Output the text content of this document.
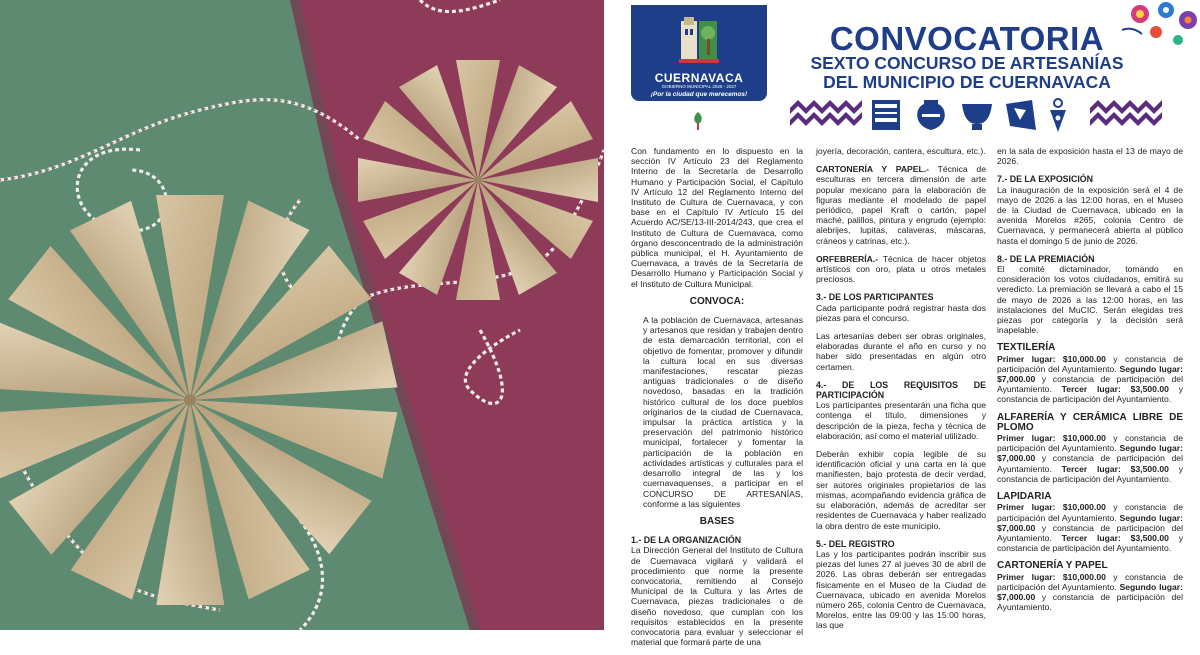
CUERNAVACA
GOBIERNO MUNICIPAL 2025 - 2027
¡Por la ciudad que merecemos!
CONVOCATORIA
SEXTO CONCURSO DE ARTESANÍAS
DEL MUNICIPIO DE CUERNAVACA

Con fundamento en lo dispuesto en la sección IV Artículo 23 del Reglamento Interno de la Secretaría de Desarrollo Humano y Participación Social, el Capítulo IV Artículo 12 del Reglamento Interno del Instituto de Cultura de Cuernavaca, y con base en el Capítulo IV Artículo 15 del Acuerdo AC/SE/13-III-2014/243, que crea el Instituto de Cultura de Cuernavaca, como órgano desconcentrado de la administración pública municipal, el H. Ayuntamiento de Cuernavaca, a través de la Secretaría de Desarrollo Humano y Participación Social y el Instituto de Cultura Municipal.

CONVOCA:

A la población de Cuernavaca, artesanas y artesanos que residan y trabajen dentro de esta demarcación territorial, con el objetivo de fomentar, promover y difundir la cultura local en sus diversas manifestaciones, rescatar piezas antiguas tradicionales o de diseño novedoso, basadas en la tradición histórico cultural de los doce pueblos originarios de la ciudad de Cuernavaca, impulsar la práctica artística y la preservación del patrimonio histórico municipal, fortalecer y fomentar la participación de la población en actividades artísticas y culturales para el desarrollo integral de las y los cuernavaquenses, a participar en el CONCURSO DE ARTESANÍAS, conforme a las siguientes

BASES
1.- DE LA ORGANIZACIÓN

La Dirección General del Instituto de Cultura de Cuernavaca vigilará y validará el procedimiento que norme la presente convocatoria, remitiendo al Consejo Municipal de la Cultura y las Artes de Cuernavaca, piezas tradicionales o de diseño novedoso, que cumplan con los requisitos establecidos en la presente convocatoria para evaluar y seleccionar el material que formará parte de una

joyería, decoración, cantera, escultura, etc.).

CARTONERÍA Y PAPEL.- Técnica de esculturas en tercera dimensión de arte popular mexicano para la elaboración de figuras mediante el modelado de papel periódico, papel Kraft o cartón, papel maché, palillos, pintura y engrudo (ejemplo: alebrijes, lupitas, calaveras, máscaras, cráneos y catrinas, etc.).

ORFEBRERÍA.- Técnica de hacer objetos artísticos con oro, plata u otros metales preciosos.

3.- DE LOS PARTICIPANTES

Cada participante podrá registrar hasta dos piezas para el concurso.

Las artesanías deben ser obras originales, elaboradas durante el año en curso y no haber sido presentadas en algún otro certamen.

4.- DE LOS REQUISITOS DE PARTICIPACIÓN

Los participantes presentarán una ficha que contenga el título, dimensiones y descripción de la pieza, fecha y técnica de elaboración, así como el material utilizado.

Deberán exhibir copia legible de su identificación oficial y una carta en la que manifiesten, bajo protesta de decir verdad, ser autores originales propietarios de las mismas, acompañando evidencia gráfica de su elaboración, además de acreditar ser residentes de Cuernavaca y haber realizado la obra dentro de este municipio.

5.- DEL REGISTRO

Las y los participantes podrán inscribir sus piezas del lunes 27 al jueves 30 de abril de 2026. Las obras deberán ser entregadas físicamente en el Museo de la Ciudad de Cuernavaca, ubicado en avenida Morelos número 265, colonia Centro de Cuernavaca, Morelos, entre las 09:00 y las 15:00 horas, las que

en la sala de exposición hasta el 13 de mayo de 2026.

7.- DE LA EXPOSICIÓN

La inauguración de la exposición será el 4 de mayo de 2026 a las 12:00 horas, en el Museo de la Ciudad de Cuernavaca, ubicado en la avenida Morelos #265, colonia Centro de Cuernavaca, y permanecerá abierta al público hasta el domingo 5 de junio de 2026.

8.- DE LA PREMIACIÓN

El comité dictaminador, tomando en consideración los votos ciudadanos, emitirá su veredicto. La premiación se llevará a cabo el 15 de mayo de 2026 a las 12:00 horas, en las instalaciones del MuCIC. Serán elegidas tres piezas por categoría y la decisión será inapelable.

TEXTILERÍA

Primer lugar: $10,000.00 y constancia de participación del Ayuntamiento. Segundo lugar: $7,000.00 y constancia de participación del Ayuntamiento. Tercer lugar: $3,500.00 y constancia de participación del Ayuntamiento.

ALFARERÍA Y CERÁMICA LIBRE DE PLOMO

Primer lugar: $10,000.00 y constancia de participación del Ayuntamiento. Segundo lugar: $7,000.00 y constancia de participación del Ayuntamiento. Tercer lugar: $3,500.00 y constancia de participación del Ayuntamiento.

LAPIDARIA

Primer lugar: $10,000.00 y constancia de participación del Ayuntamiento. Segundo lugar: $7,000.00 y constancia de participación del Ayuntamiento. Tercer lugar: $3,500.00 y constancia de participación del Ayuntamiento.

CARTONERÍA Y PAPEL

Primer lugar: $10,000.00 y constancia de participación del Ayuntamiento. Segundo lugar: $7,000.00 y constancia de participación del Ayuntamiento.
